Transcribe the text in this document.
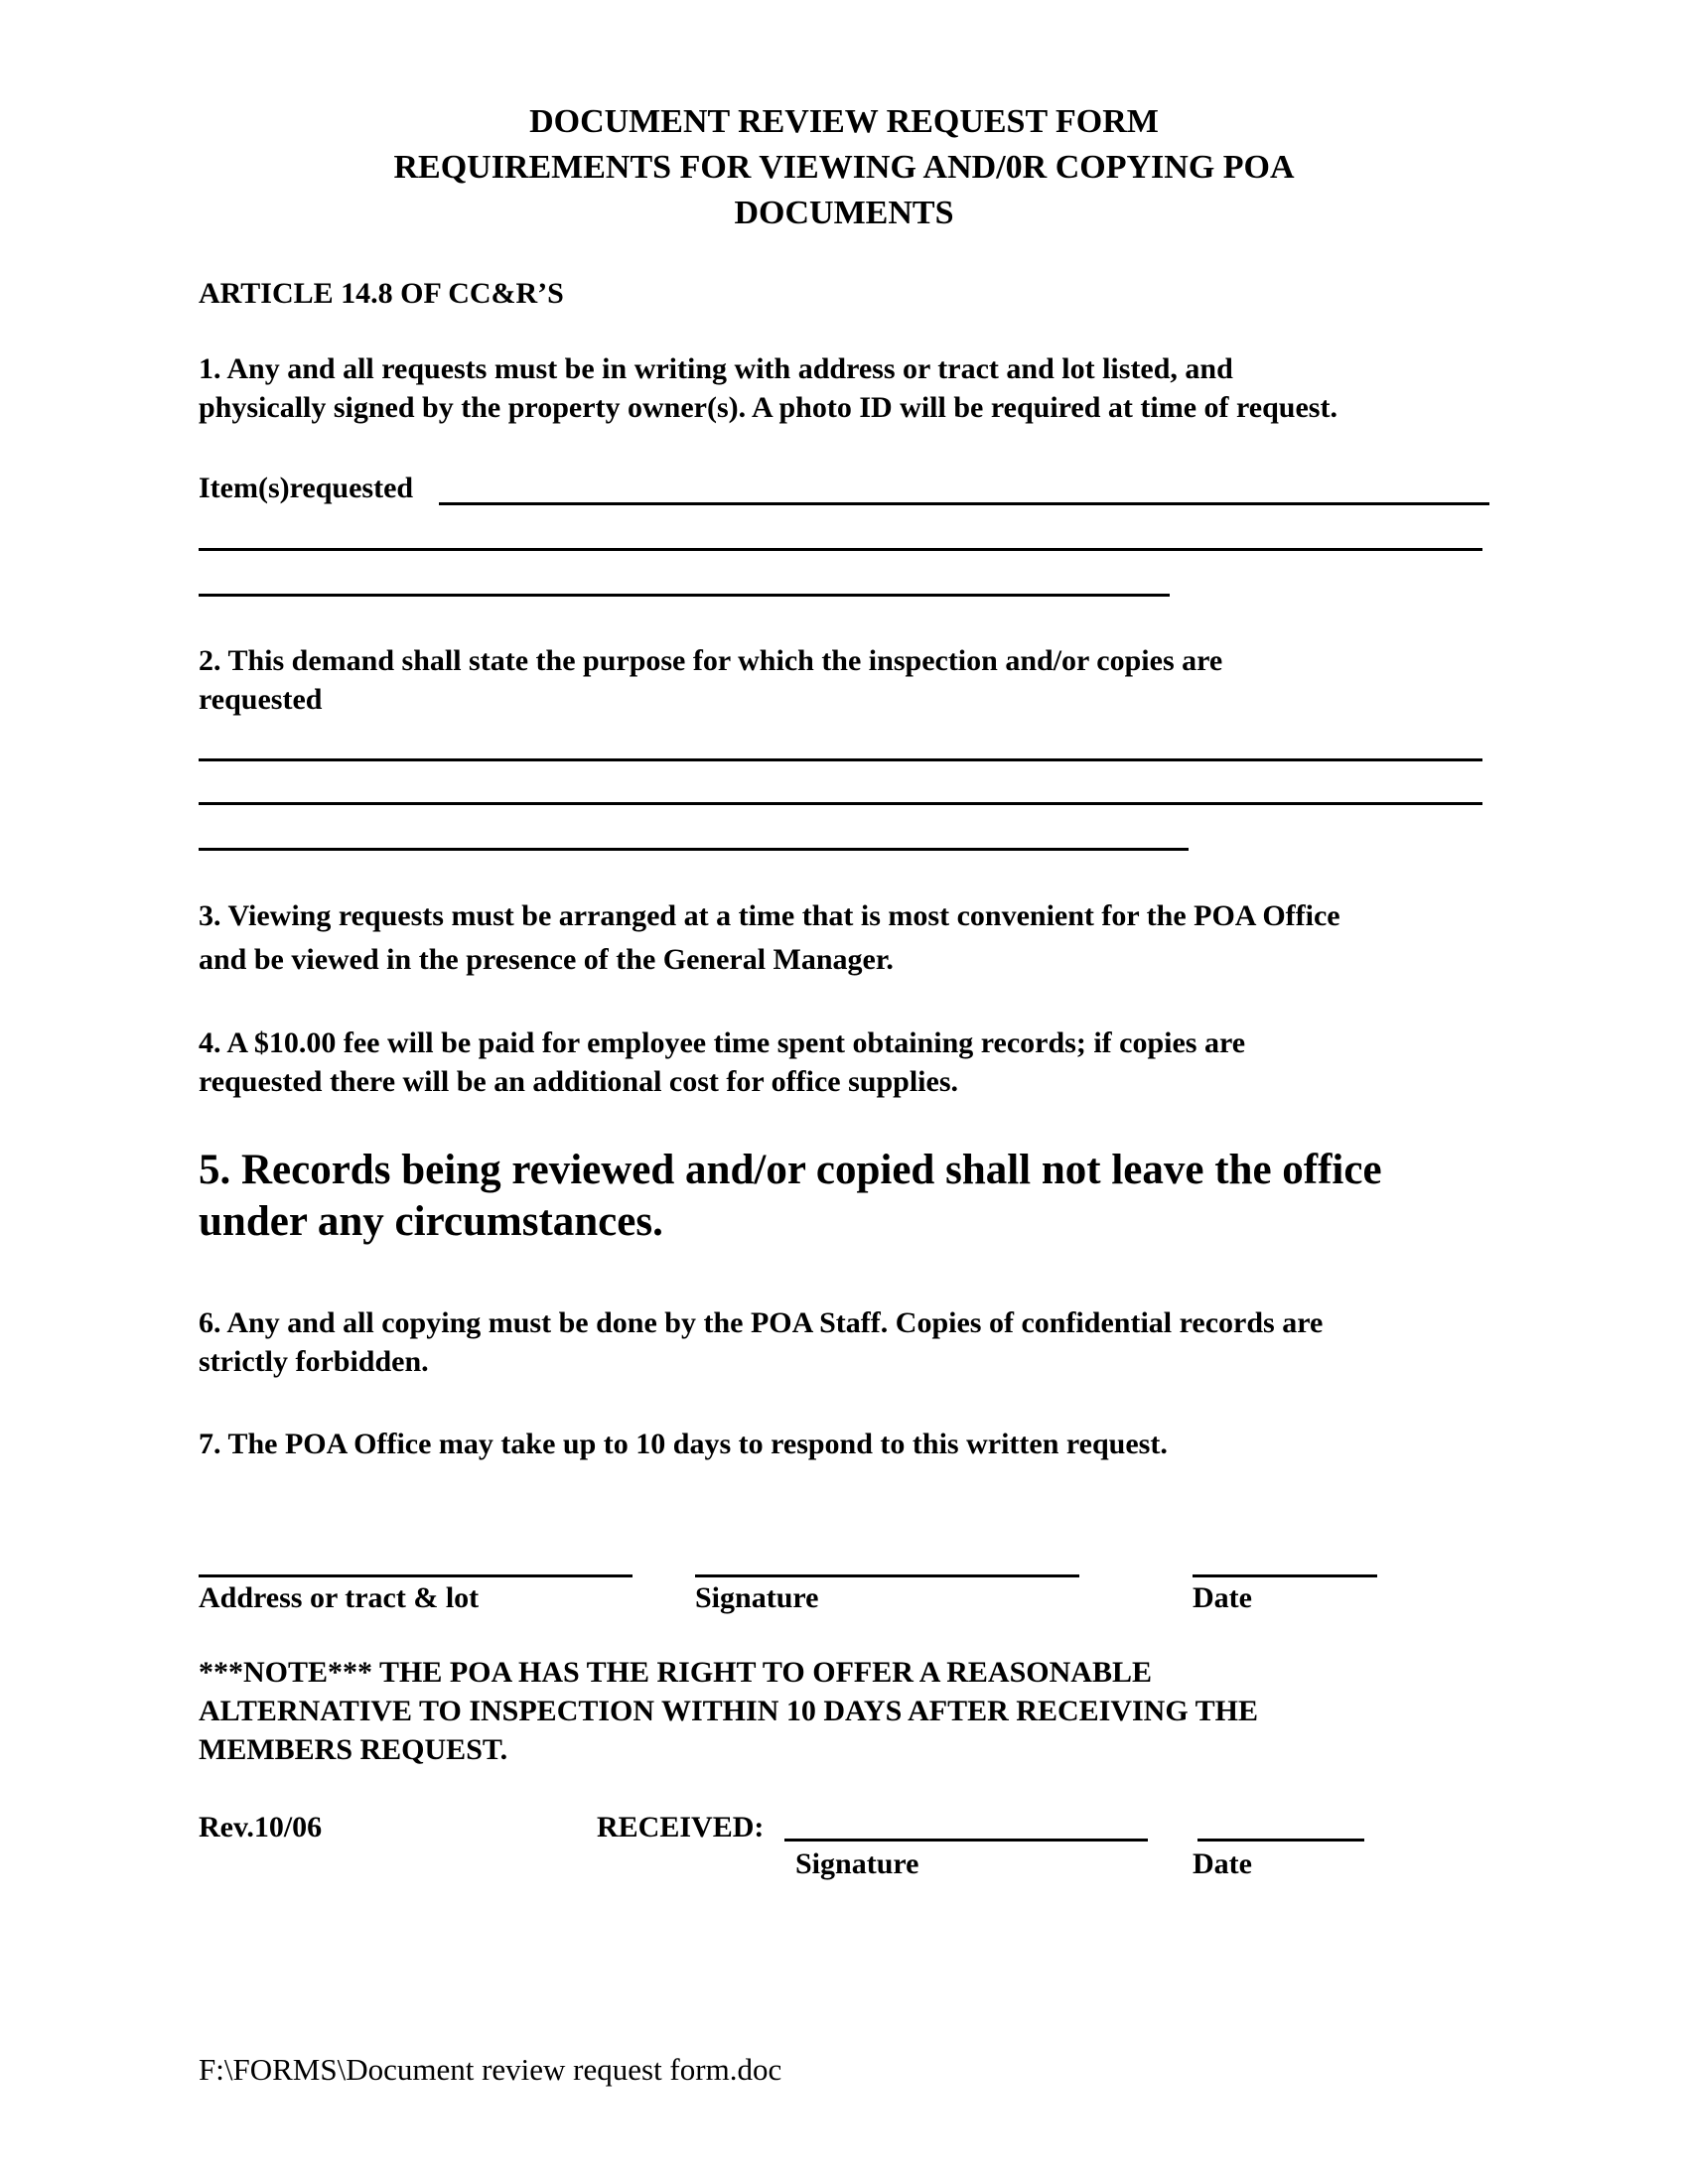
DOCUMENT REVIEW REQUEST FORM
REQUIREMENTS FOR VIEWING AND/0R COPYING POA
DOCUMENTS
ARTICLE 14.8 OF CC&R’S
1. Any and all requests must be in writing with address or tract and lot listed, and
physically signed by the property owner(s). A photo ID will be required at time of request.
Item(s)requested
2. This demand shall state the purpose for which the inspection and/or copies are
requested
3. Viewing requests must be arranged at a time that is most convenient for the POA Office
and be viewed in the presence of the General Manager.
4. A $10.00 fee will be paid for employee time spent obtaining records; if copies are
requested there will be an additional cost for office supplies.
5. Records being reviewed and/or copied shall not leave the office
under any circumstances.
6. Any and all copying must be done by the POA Staff. Copies of confidential records are
strictly forbidden.
7. The POA Office may take up to 10 days to respond to this written request.
Address or tract & lot	Signature	Date
***NOTE*** THE POA HAS THE RIGHT TO OFFER A REASONABLE
ALTERNATIVE TO INSPECTION WITHIN 10 DAYS AFTER RECEIVING THE
MEMBERS REQUEST.
Rev.10/06	RECEIVED:
Signature	Date
F:\FORMS\Document review request form.doc
